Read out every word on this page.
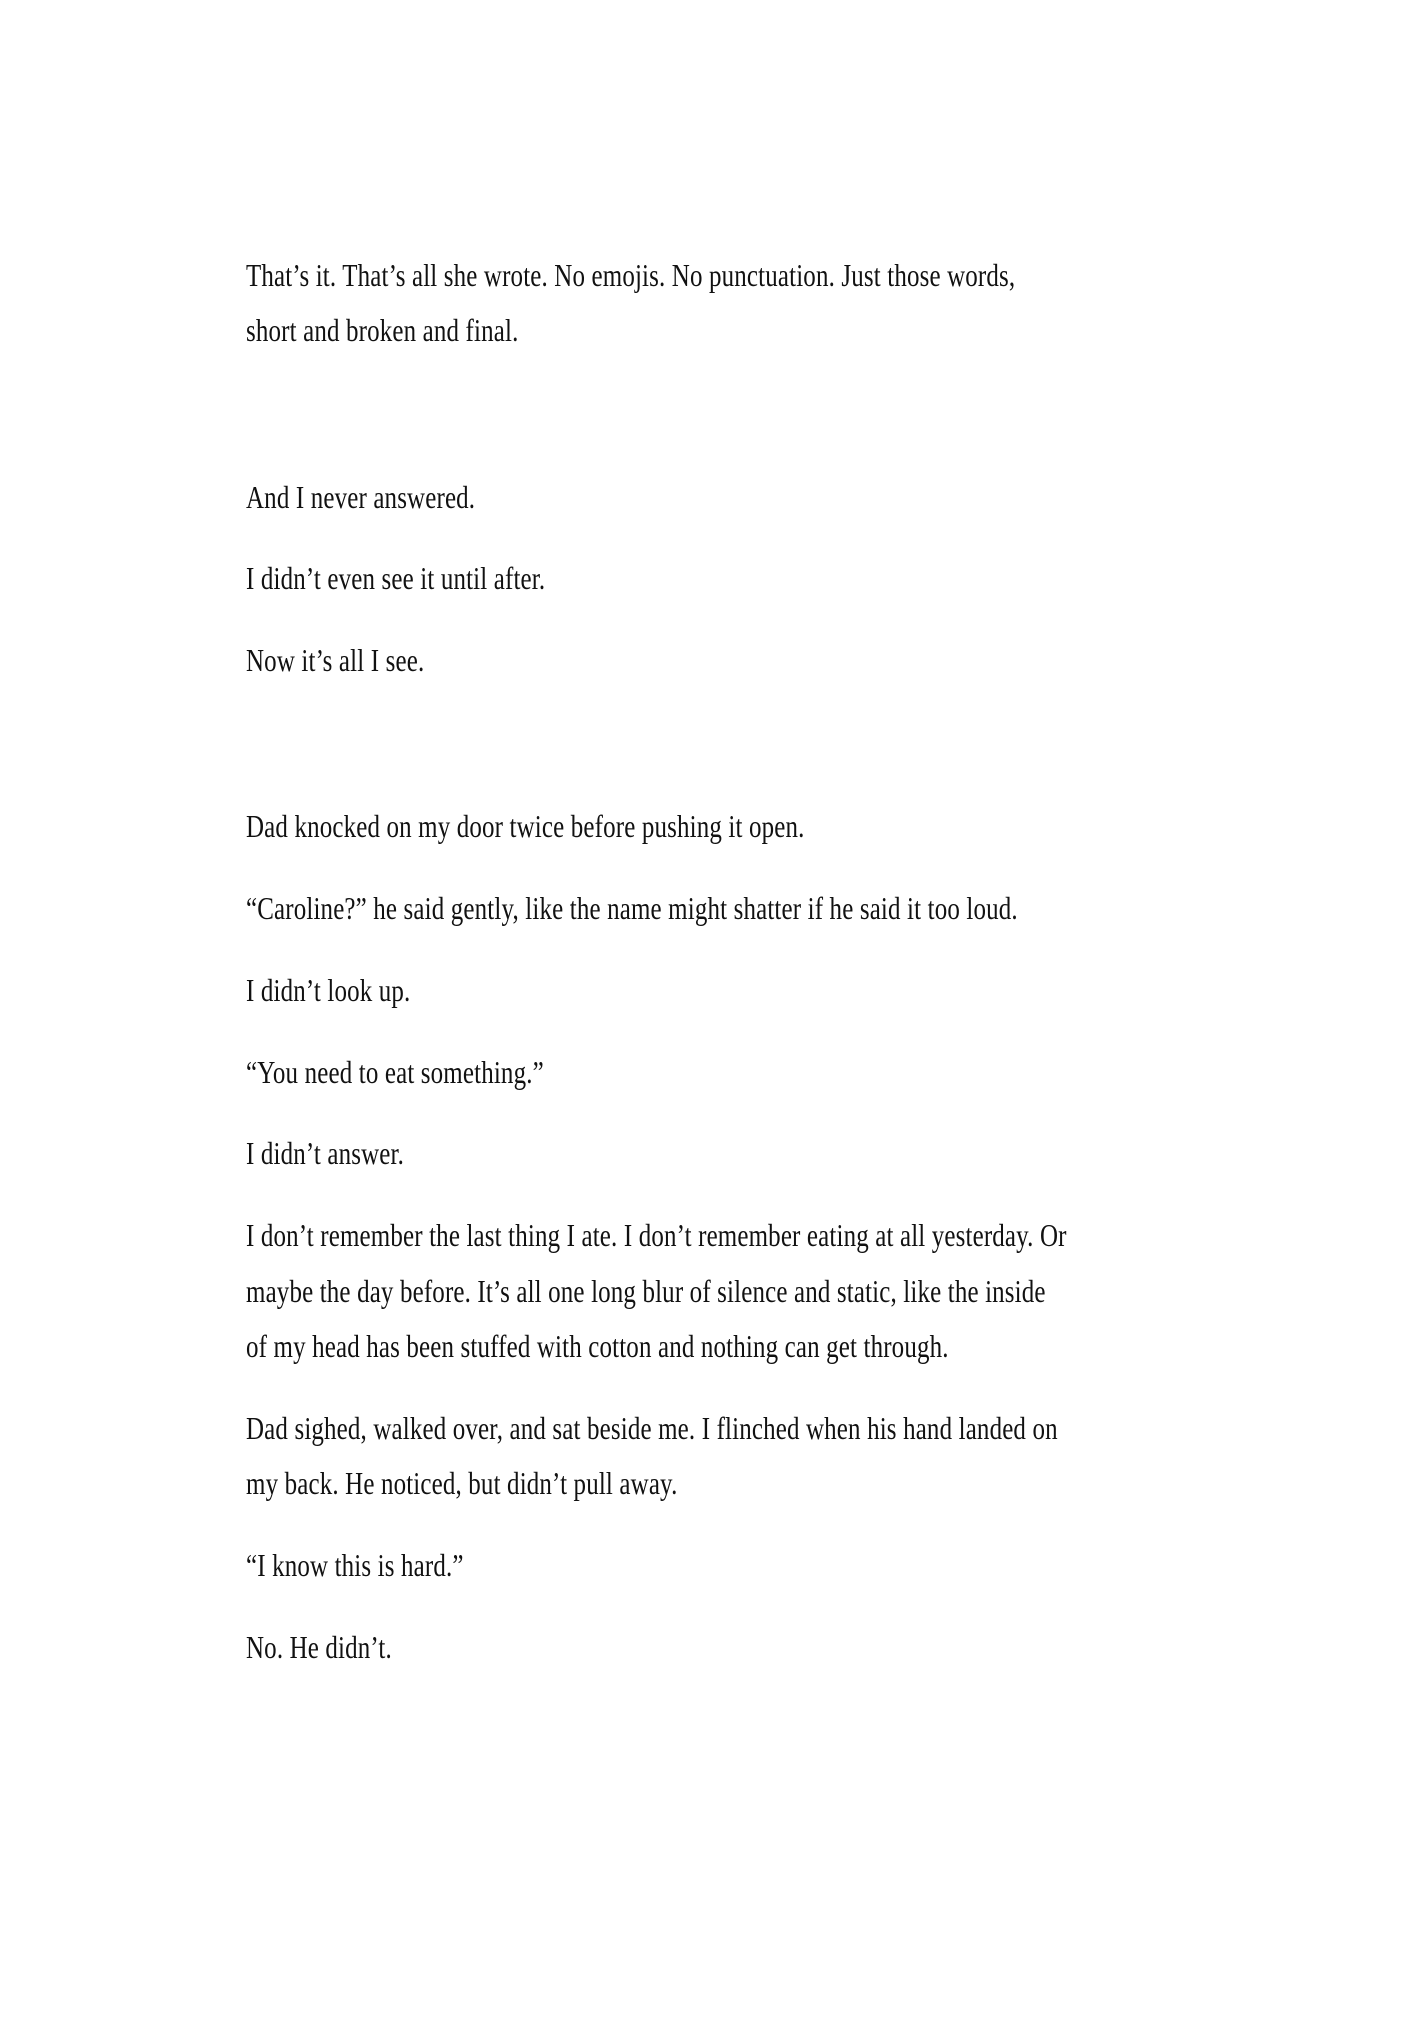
That’s it. That’s all she wrote. No emojis. No punctuation. Just those words,
short and broken and final.
And I never answered.
I didn’t even see it until after.
Now it’s all I see.
Dad knocked on my door twice before pushing it open.
“Caroline?” he said gently, like the name might shatter if he said it too loud.
I didn’t look up.
“You need to eat something.”
I didn’t answer.
I don’t remember the last thing I ate. I don’t remember eating at all yesterday. Or
maybe the day before. It’s all one long blur of silence and static, like the inside
of my head has been stuffed with cotton and nothing can get through.
Dad sighed, walked over, and sat beside me. I flinched when his hand landed on
my back. He noticed, but didn’t pull away.
“I know this is hard.”
No. He didn’t.
